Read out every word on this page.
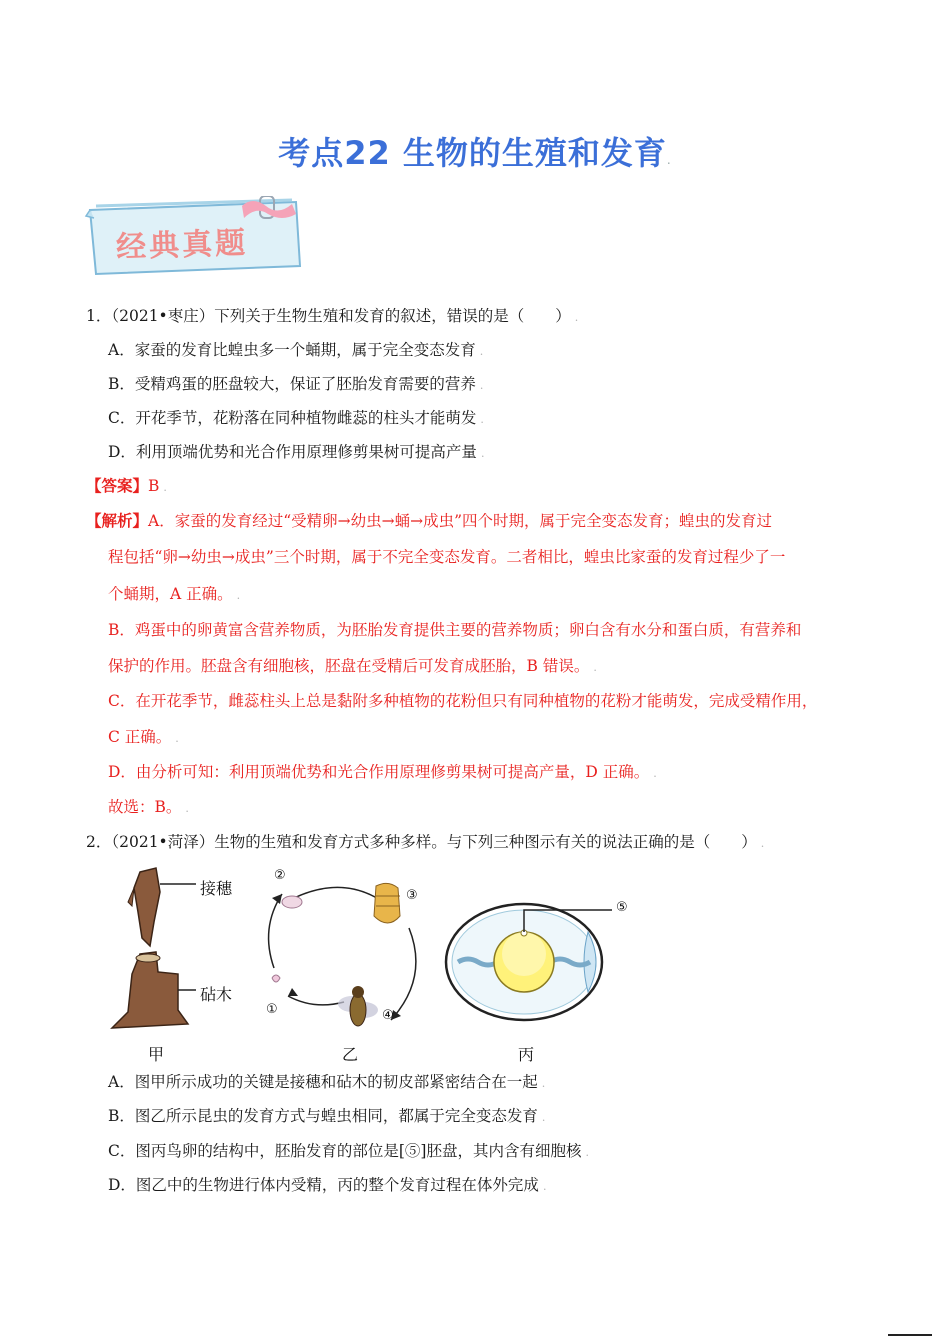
考点22 生物的生殖和发育.
经典真题
1．（2021•枣庄）下列关于生物生殖和发育的叙述，错误的是（　　） .
A．家蚕的发育比蝗虫多一个蛹期，属于完全变态发育 .
B．受精鸡蛋的胚盘较大，保证了胚胎发育需要的营养 .
C．开花季节，花粉落在同种植物雌蕊的柱头才能萌发 .
D．利用顶端优势和光合作用原理修剪果树可提高产量 .
【答案】B .
【解析】A．家蚕的发育经过“受精卵→幼虫→蛹→成虫”四个时期，属于完全变态发育；蝗虫的发育过
程包括“卵→幼虫→成虫”三个时期，属于不完全变态发育。二者相比，蝗虫比家蚕的发育过程少了一
个蛹期，A 正确。 .
B．鸡蛋中的卵黄富含营养物质，为胚胎发育提供主要的营养物质；卵白含有水分和蛋白质，有营养和
保护的作用。胚盘含有细胞核，胚盘在受精后可发育成胚胎，B 错误。 .
C．在开花季节，雌蕊柱头上总是黏附多种植物的花粉但只有同种植物的花粉才能萌发，完成受精作用，
C 正确。 .
D．由分析可知：利用顶端优势和光合作用原理修剪果树可提高产量，D 正确。 .
故选：B。 .
2．（2021•菏泽）生物的生殖和发育方式多种多样。与下列三种图示有关的说法正确的是（　　） .
接穗
砧木
甲	乙	丙
②
③
④
①
⑤
A．图甲所示成功的关键是接穗和砧木的韧皮部紧密结合在一起 .
B．图乙所示昆虫的发育方式与蝗虫相同，都属于完全变态发育 .
C．图丙鸟卵的结构中，胚胎发育的部位是[⑤]胚盘，其内含有细胞核 .
D．图乙中的生物进行体内受精，丙的整个发育过程在体外完成 .
